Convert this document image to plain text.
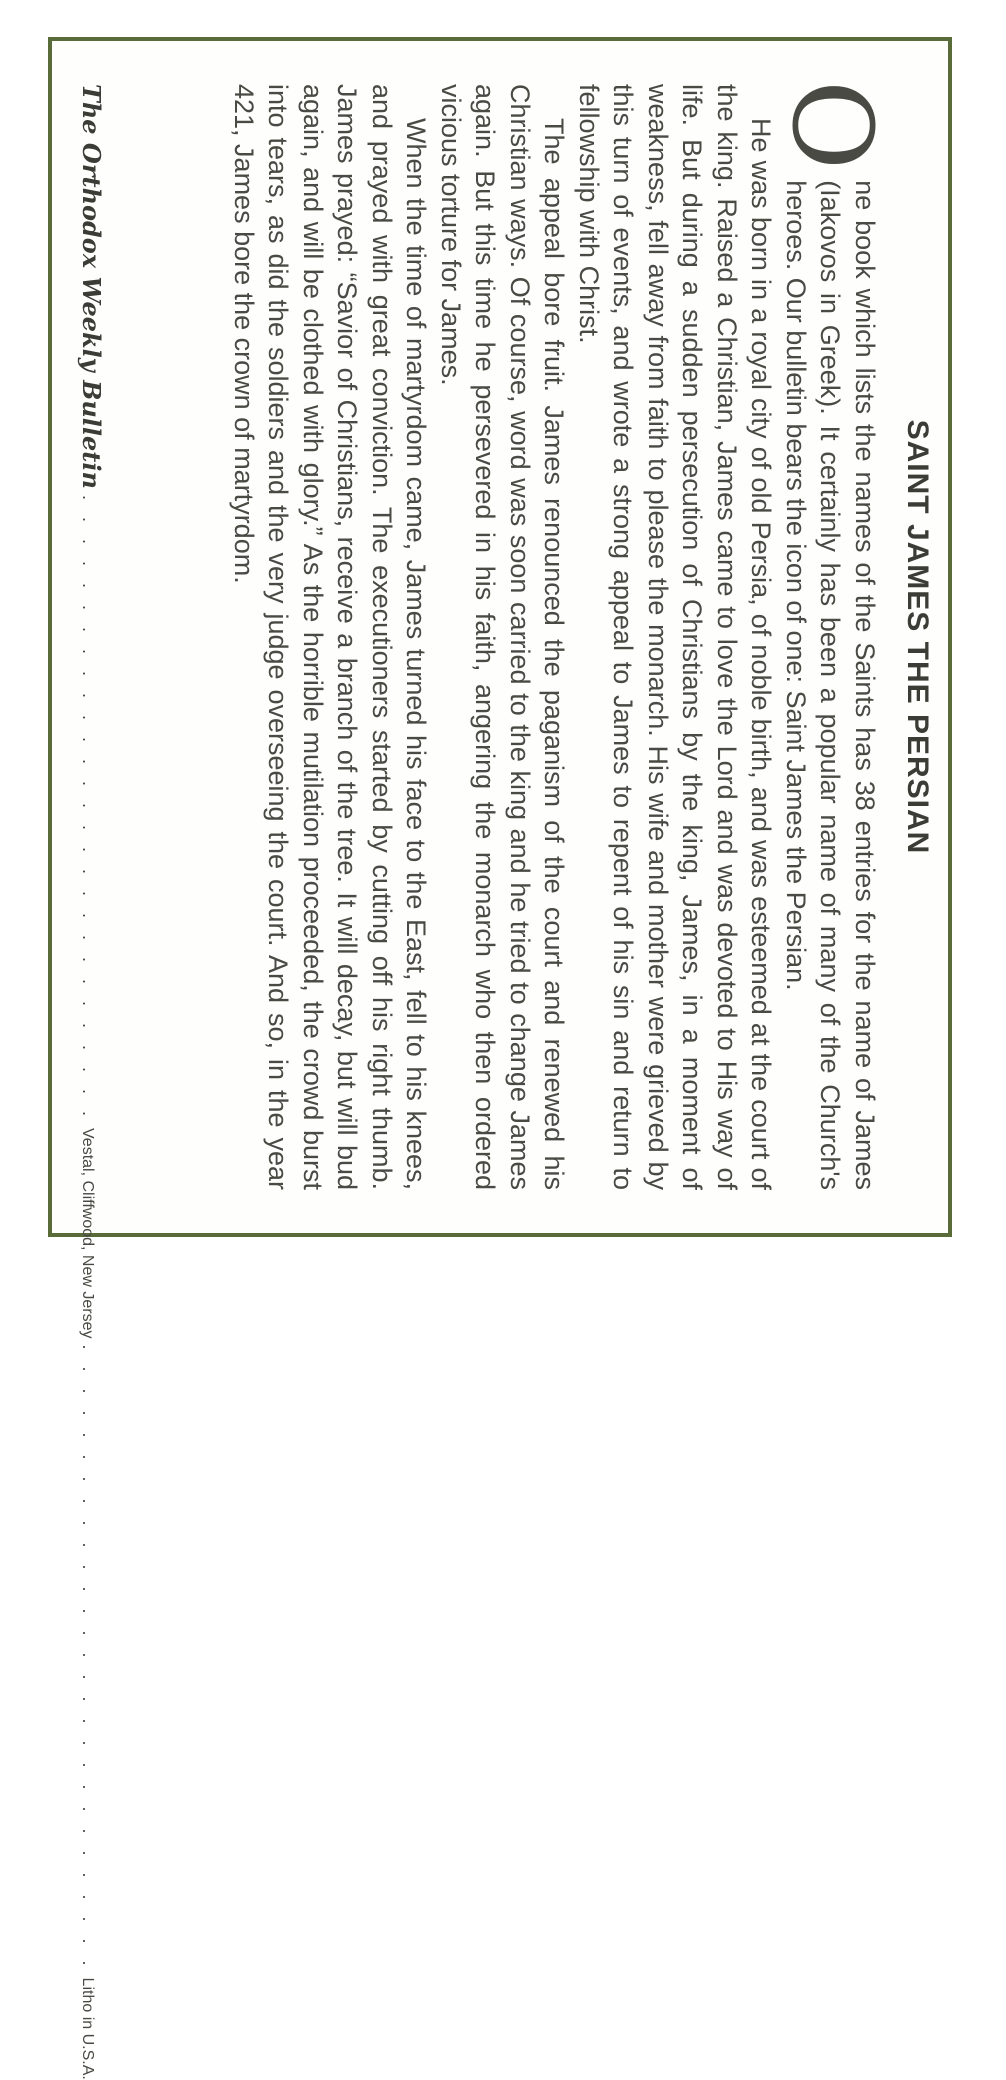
SAINT JAMES THE PERSIAN

O
ne book which lists the names of the Saints has 38 entries for the name of James (Iakovos in Greek). It certainly has been a popular name of many of the Church's heroes. Our bulletin bears the icon of one: Saint James the Persian.

He was born in a royal city of old Persia, of noble birth, and was esteemed at the court of the king. Raised a Christian, James came to love the Lord and was devoted to His way of life. But during a sudden persecution of Christians by the king, James, in a moment of weakness, fell away from faith to please the monarch. His wife and mother were grieved by this turn of events, and wrote a strong appeal to James to repent of his sin and return to fellowship with Christ.

The appeal bore fruit. James renounced the paganism of the court and renewed his Christian ways. Of course, word was soon carried to the king and he tried to change James again. But this time he persevered in his faith, angering the monarch who then ordered vicious torture for James.

When the time of martyrdom came, James turned his face to the East, fell to his knees, and prayed with great conviction. The executioners started by cutting off his right thumb. James prayed: “Savior of Christians, receive a branch of the tree. It will decay, but will bud again, and will be clothed with glory.” As the horrible mutilation proceeded, the crowd burst into tears, as did the soldiers and the very judge overseeing the court. And so, in the year 421, James bore the crown of martyrdom.

The Orthodox Weekly Bulletin
. . . . . . . . . . . . . . . . . . . . . . . . . . . . .
Vestal, Cliffwood, New Jersey
. . . . . . . . . . . . . . . . . . . . . . . . . . . . .
Litho in U.S.A.
